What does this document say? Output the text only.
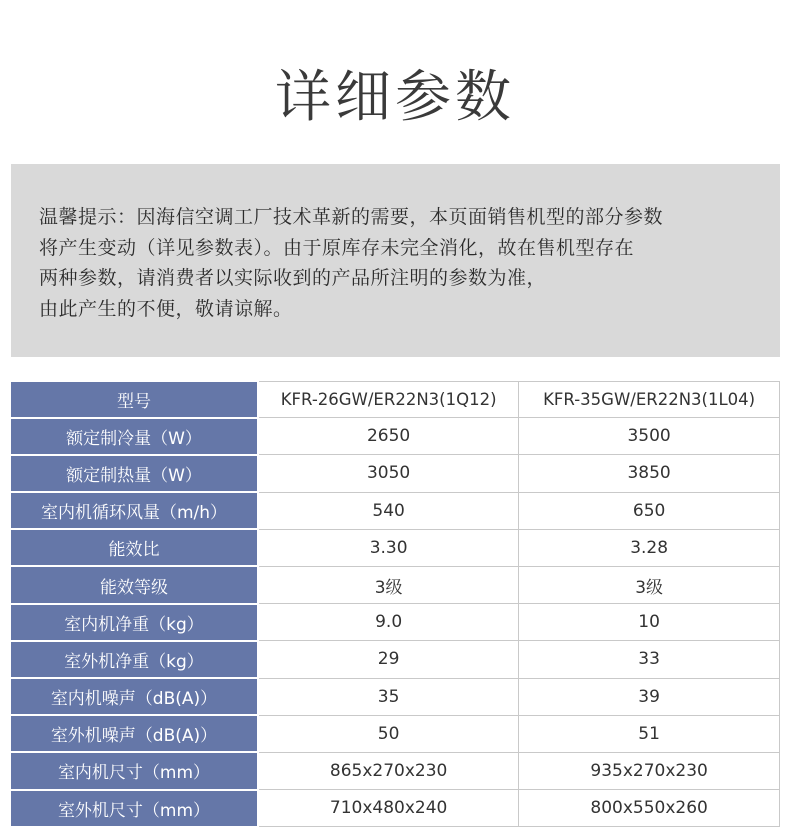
详细参数

温馨提示：因海信空调工厂技术革新的需要，本页面销售机型的部分参数
将产生变动（详见参数表）。由于原库存未完全消化，故在售机型存在
两种参数，请消费者以实际收到的产品所注明的参数为准，
由此产生的不便，敬请谅解。

型号	KFR-26GW/ER22N3(1Q12)	KFR-35GW/ER22N3(1L04)
额定制冷量（W）	2650	3500
额定制热量（W）	3050	3850
室内机循环风量（m/h）	540	650
能效比	3.30	3.28
能效等级	3级	3级
室内机净重（kg）	9.0	10
室外机净重（kg）	29	33
室内机噪声（dB(A)）	35	39
室外机噪声（dB(A)）	50	51
室内机尺寸（mm）	865x270x230	935x270x230
室外机尺寸（mm）	710x480x240	800x550x260
